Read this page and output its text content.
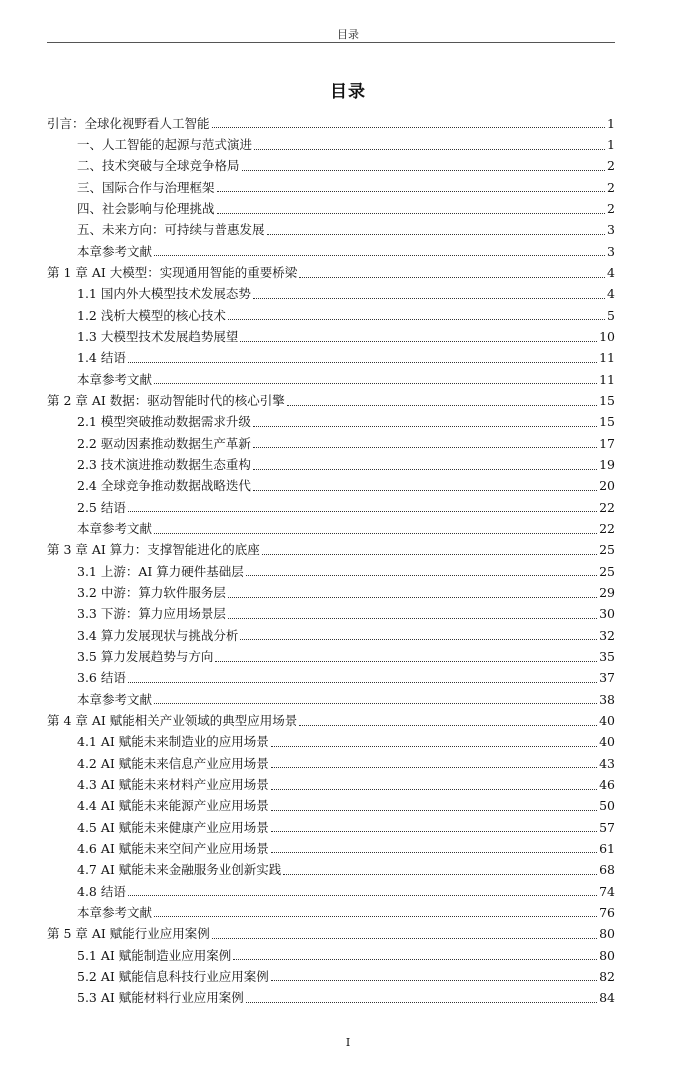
目录
目录
引言：全球化视野看人工智能	1
一、人工智能的起源与范式演进	1
二、技术突破与全球竞争格局	2
三、国际合作与治理框架	2
四、社会影响与伦理挑战	2
五、未来方向：可持续与普惠发展	3
本章参考文献	3
第 1 章 AI 大模型：实现通用智能的重要桥梁	4
1.1 国内外大模型技术发展态势	4
1.2 浅析大模型的核心技术	5
1.3 大模型技术发展趋势展望	10
1.4 结语	11
本章参考文献	11
第 2 章 AI 数据：驱动智能时代的核心引擎	15
2.1 模型突破推动数据需求升级	15
2.2 驱动因素推动数据生产革新	17
2.3 技术演进推动数据生态重构	19
2.4 全球竞争推动数据战略迭代	20
2.5 结语	22
本章参考文献	22
第 3 章 AI 算力：支撑智能进化的底座	25
3.1 上游：AI 算力硬件基础层	25
3.2 中游：算力软件服务层	29
3.3 下游：算力应用场景层	30
3.4 算力发展现状与挑战分析	32
3.5 算力发展趋势与方向	35
3.6 结语	37
本章参考文献	38
第 4 章 AI 赋能相关产业领域的典型应用场景	40
4.1 AI 赋能未来制造业的应用场景	40
4.2 AI 赋能未来信息产业应用场景	43
4.3 AI 赋能未来材料产业应用场景	46
4.4 AI 赋能未来能源产业应用场景	50
4.5 AI 赋能未来健康产业应用场景	57
4.6 AI 赋能未来空间产业应用场景	61
4.7 AI 赋能未来金融服务业创新实践	68
4.8 结语	74
本章参考文献	76
第 5 章 AI 赋能行业应用案例	80
5.1 AI 赋能制造业应用案例	80
5.2 AI 赋能信息科技行业应用案例	82
5.3 AI 赋能材料行业应用案例	84
I
